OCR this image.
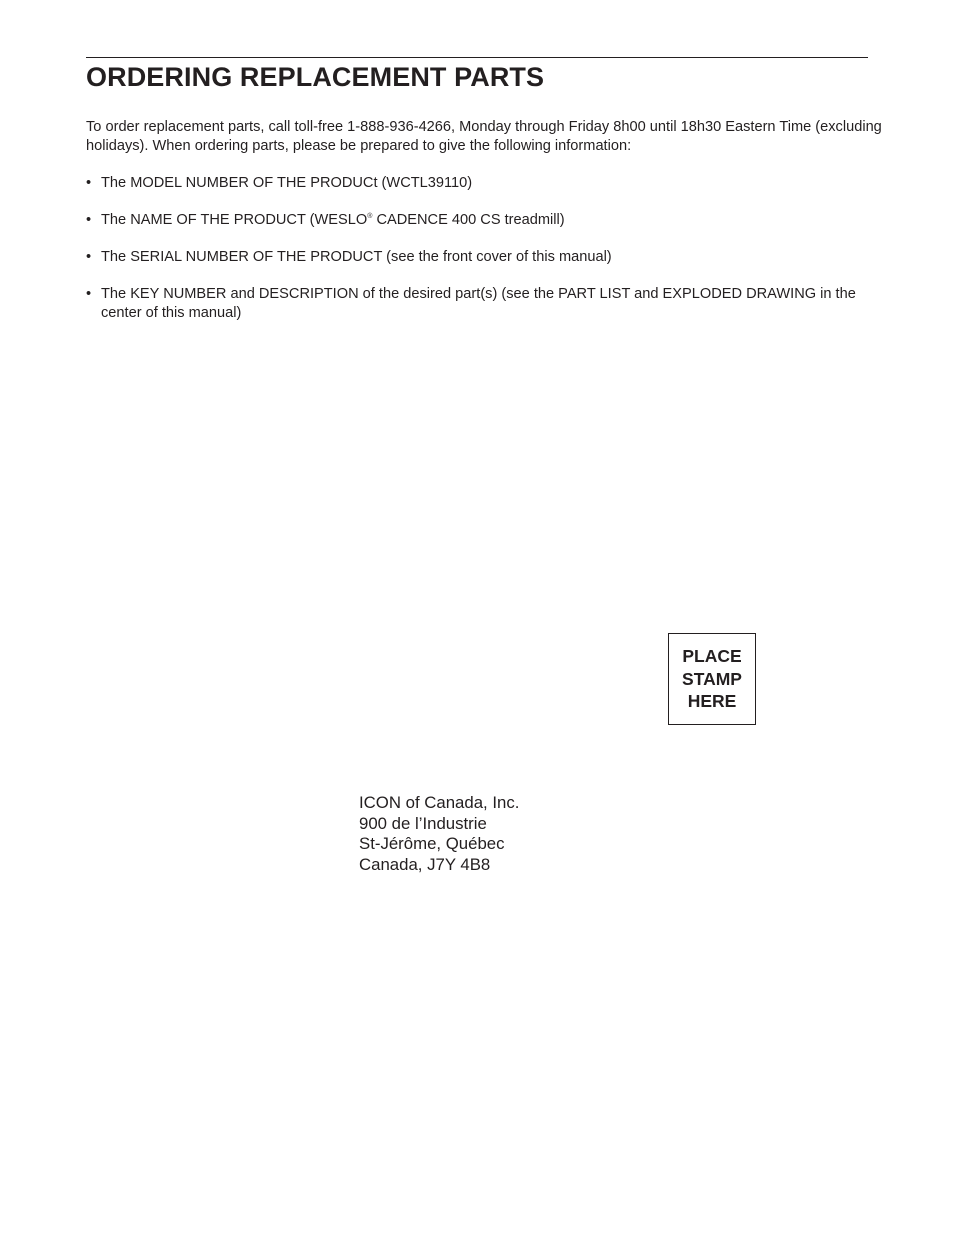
ORDERING REPLACEMENT PARTS

To order replacement parts, call toll-free 1-888-936-4266, Monday through Friday 8h00 until 18h30 Eastern Time (excluding holidays). When ordering parts, please be prepared to give the following information:

• The MODEL NUMBER OF THE PRODUCt (WCTL39110)
• The NAME OF THE PRODUCT (WESLO® CADENCE 400 CS treadmill)
• The SERIAL NUMBER OF THE PRODUCT (see the front cover of this manual)
• The KEY NUMBER and DESCRIPTION of the desired part(s) (see the PART LIST and EXPLODED DRAWING in the center of this manual)
PLACE
STAMP
HERE
ICON of Canada, Inc.
900 de l’Industrie
St-Jérôme, Québec
Canada, J7Y 4B8
